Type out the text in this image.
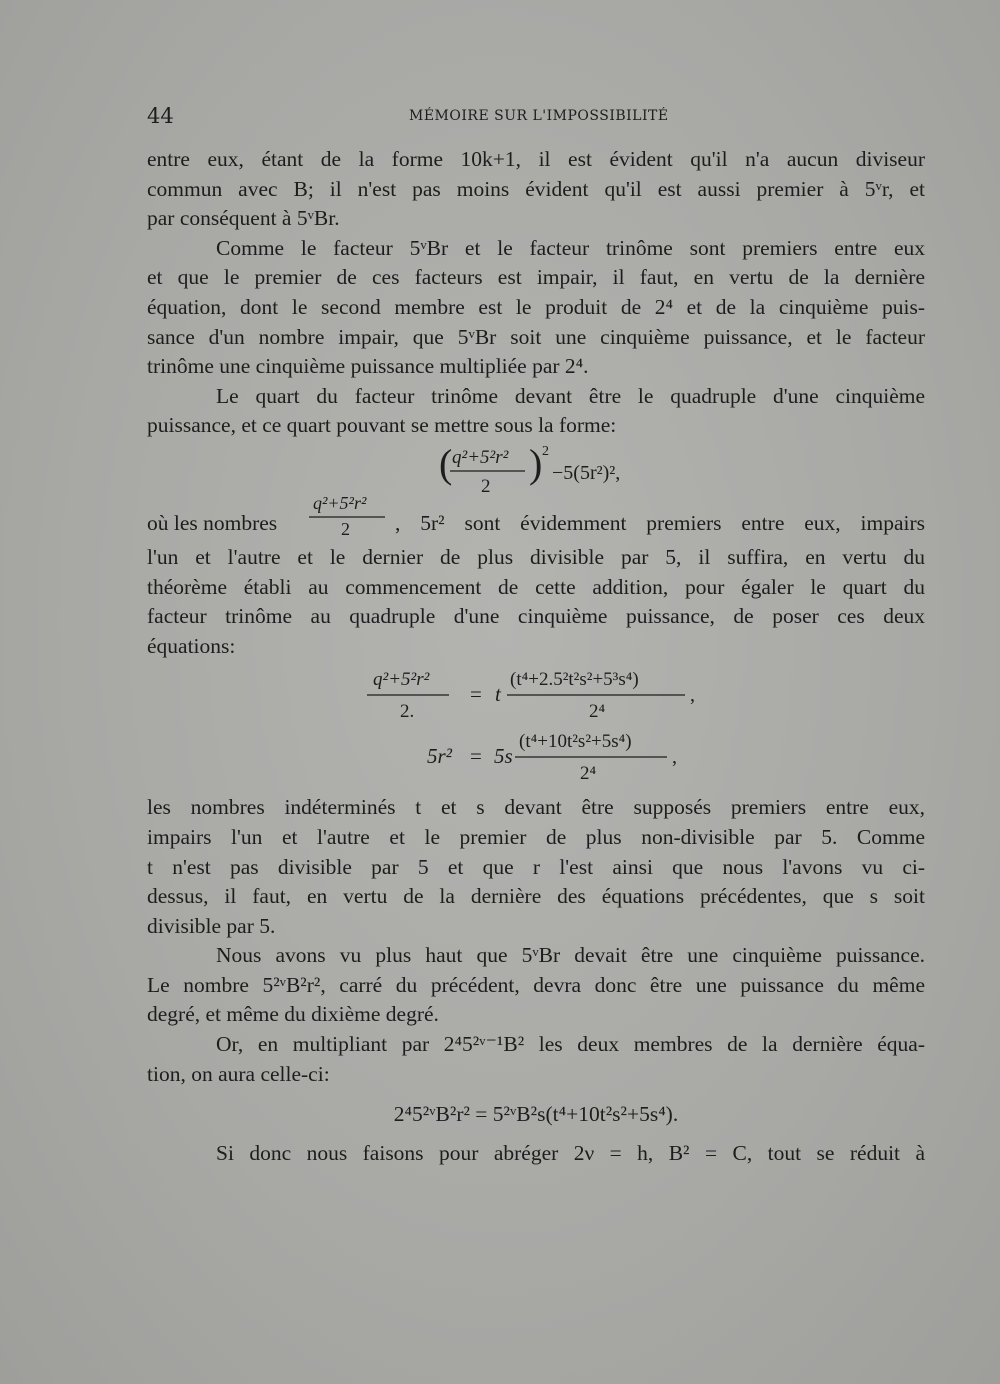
44	MÉMOIRE SUR L'IMPOSSIBILITÉ

entre eux, étant de la forme 10k+1, il est évident qu'il n'a aucun diviseur

commun avec B; il n'est pas moins évident qu'il est aussi premier à 5ᵛr, et

par conséquent à 5ᵛBr.

Comme le facteur 5ᵛBr et le facteur trinôme sont premiers entre eux

et que le premier de ces facteurs est impair, il faut, en vertu de la dernière

équation, dont le second membre est le produit de 2⁴ et de la cinquième puis-

sance d'un nombre impair, que 5ᵛBr soit une cinquième puissance, et le facteur

trinôme une cinquième puissance multipliée par 2⁴.

Le quart du facteur trinôme devant être le quadruple d'une cinquième

puissance, et ce quart pouvant se mettre sous la forme:

( q²+5²r²
2
) 2
−5(5r²)²,
où les nombres
q²+5²r²
2 , 5r² sont évidemment premiers entre eux, impairs

l'un et l'autre et le dernier de plus divisible par 5, il suffira, en vertu du

théorème établi au commencement de cette addition, pour égaler le quart du

facteur trinôme au quadruple d'une cinquième puissance, de poser ces deux

équations:

q²+5²r²
2.
= t
(t⁴+2.5²t²s²+5³s⁴)
2⁴
,
5r² = 5s
(t⁴+10t²s²+5s⁴)
2⁴
,

les nombres indéterminés t et s devant être supposés premiers entre eux,

impairs l'un et l'autre et le premier de plus non-divisible par 5. Comme

t n'est pas divisible par 5 et que r l'est ainsi que nous l'avons vu ci-

dessus, il faut, en vertu de la dernière des équations précédentes, que s soit

divisible par 5.

Nous avons vu plus haut que 5ᵛBr devait être une cinquième puissance.

Le nombre 5²ᵛB²r², carré du précédent, devra donc être une puissance du même

degré, et même du dixième degré.

Or, en multipliant par 2⁴5²ᵛ⁻¹B² les deux membres de la dernière équa-

tion, on aura celle-ci:

2⁴5²ᵛB²r² = 5²ᵛB²s(t⁴+10t²s²+5s⁴).

Si donc nous faisons pour abréger 2ν = h, B² = C, tout se réduit à
